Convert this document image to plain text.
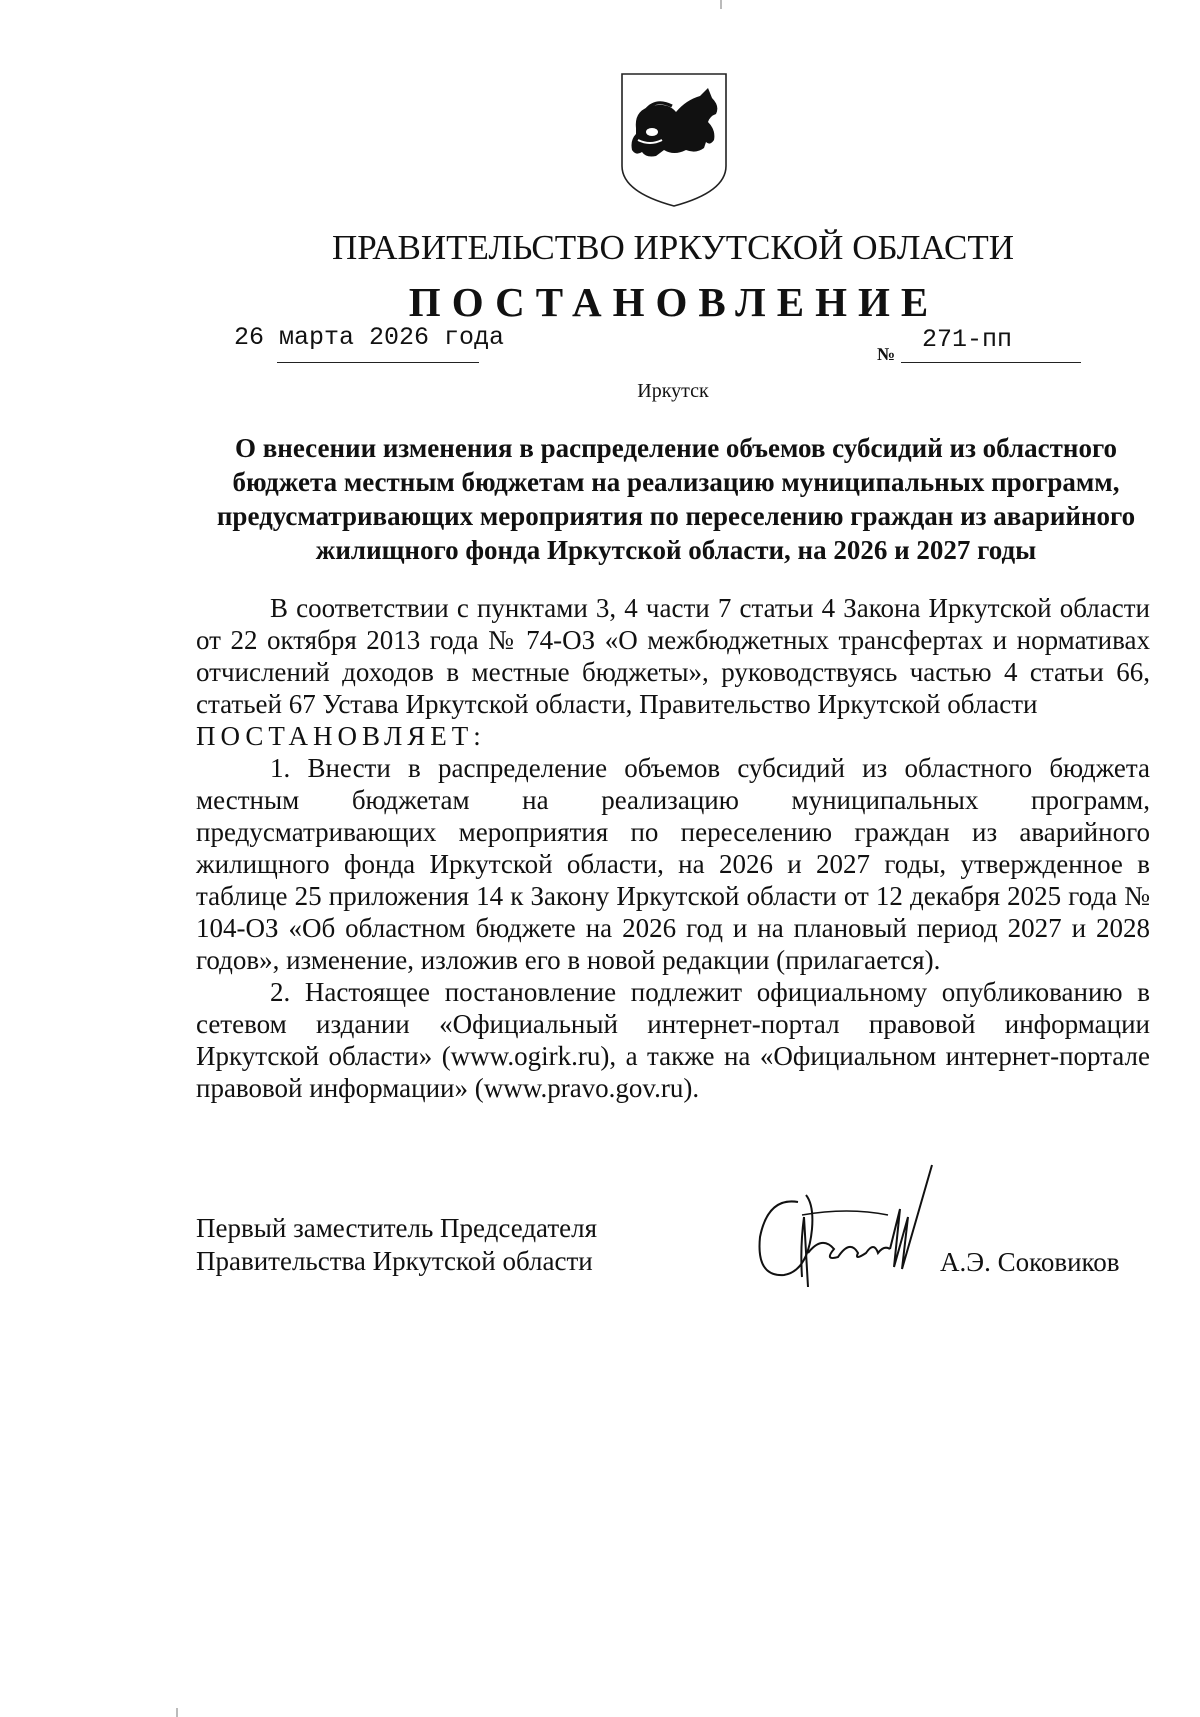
ПРАВИТЕЛЬСТВО ИРКУТСКОЙ ОБЛАСТИ
ПОСТАНОВЛЕНИЕ
26 марта 2026 года
№ 271-пп
Иркутск
О внесении изменения в распределение объемов субсидий из областного бюджета местным бюджетам на реализацию муниципальных программ, предусматривающих мероприятия по переселению граждан из аварийного жилищного фонда Иркутской области, на 2026 и 2027 годы

В соответствии с пунктами 3, 4 части 7 статьи 4 Закона Иркутской области от 22 октября 2013 года № 74-ОЗ «О межбюджетных трансфертах и нормативах отчислений доходов в местные бюджеты», руководствуясь частью 4 статьи 66, статьей 67 Устава Иркутской области, Правительство Иркутской области

ПОСТАНОВЛЯЕТ:

1. Внести в распределение объемов субсидий из областного бюджета местным бюджетам на реализацию муниципальных программ, предусматривающих мероприятия по переселению граждан из аварийного жилищного фонда Иркутской области, на 2026 и 2027 годы, утвержденное в таблице 25 приложения 14 к Закону Иркутской области от 12 декабря 2025 года № 104-ОЗ «Об областном бюджете на 2026 год и на плановый период 2027 и 2028 годов», изменение, изложив его в новой редакции (прилагается).

2. Настоящее постановление подлежит официальному опубликованию в сетевом издании «Официальный интернет-портал правовой информации Иркутской области» (www.ogirk.ru), а также на «Официальном интернет-портале правовой информации» (www.pravo.gov.ru).

Первый заместитель Председателя
Правительства Иркутской области	А.Э. Соковиков
